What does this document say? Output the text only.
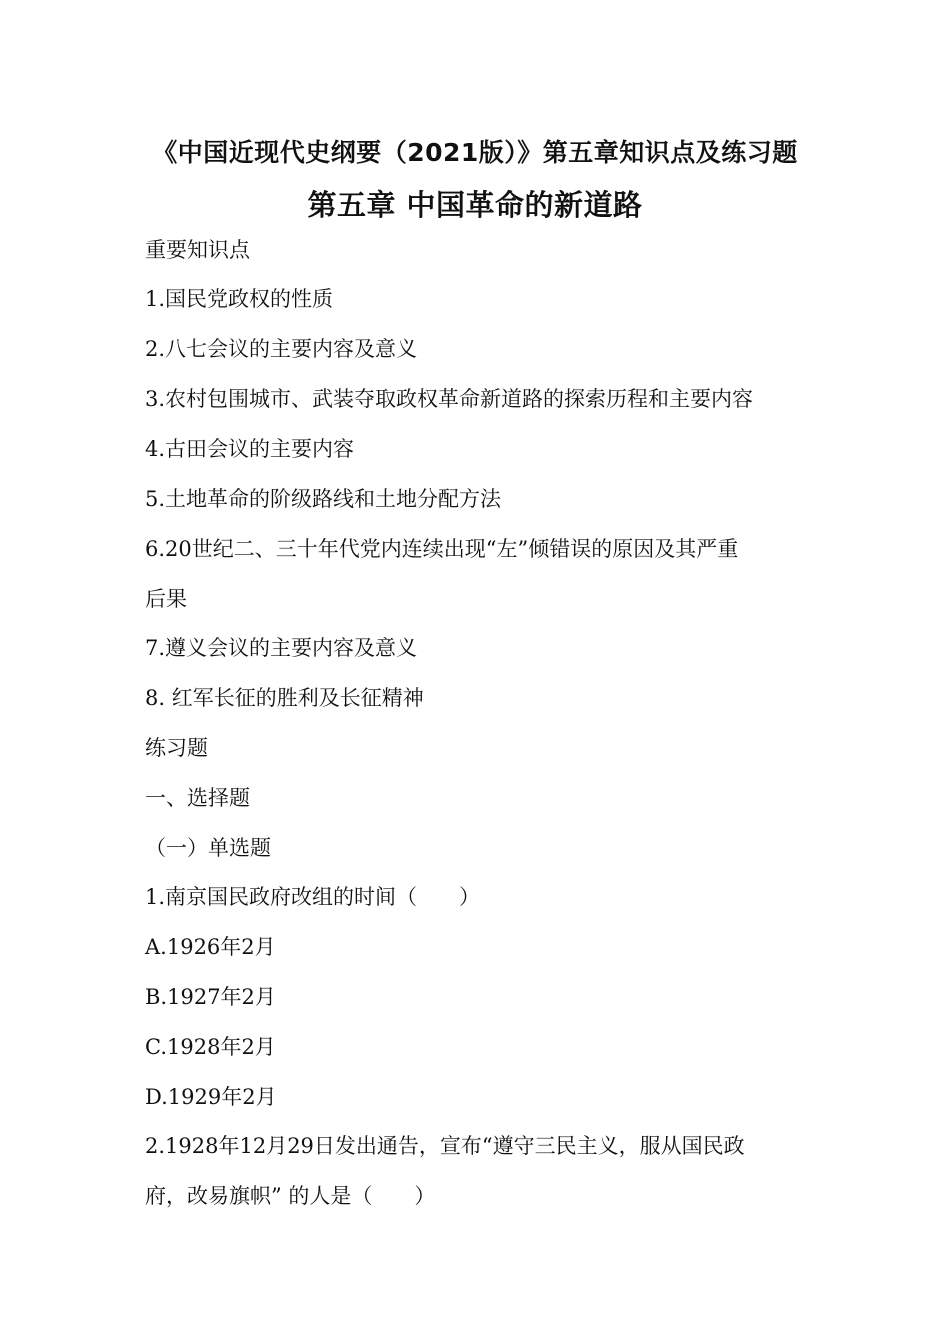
《中国近现代史纲要（2021版）》第五章知识点及练习题
第五章 中国革命的新道路
重要知识点
1.国民党政权的性质
2.八七会议的主要内容及意义
3.农村包围城市、武装夺取政权革命新道路的探索历程和主要内容
4.古田会议的主要内容
5.土地革命的阶级路线和土地分配方法
6.20世纪二、三十年代党内连续出现“左”倾错误的原因及其严重
后果
7.遵义会议的主要内容及意义
8. 红军长征的胜利及长征精神
练习题
一、选择题
（一）单选题
1.南京国民政府改组的时间（　　）
A.1926年2月
B.1927年2月
C.1928年2月
D.1929年2月
2.1928年12月29日发出通告，宣布“遵守三民主义，服从国民政
府，改易旗帜” 的人是（　　）
